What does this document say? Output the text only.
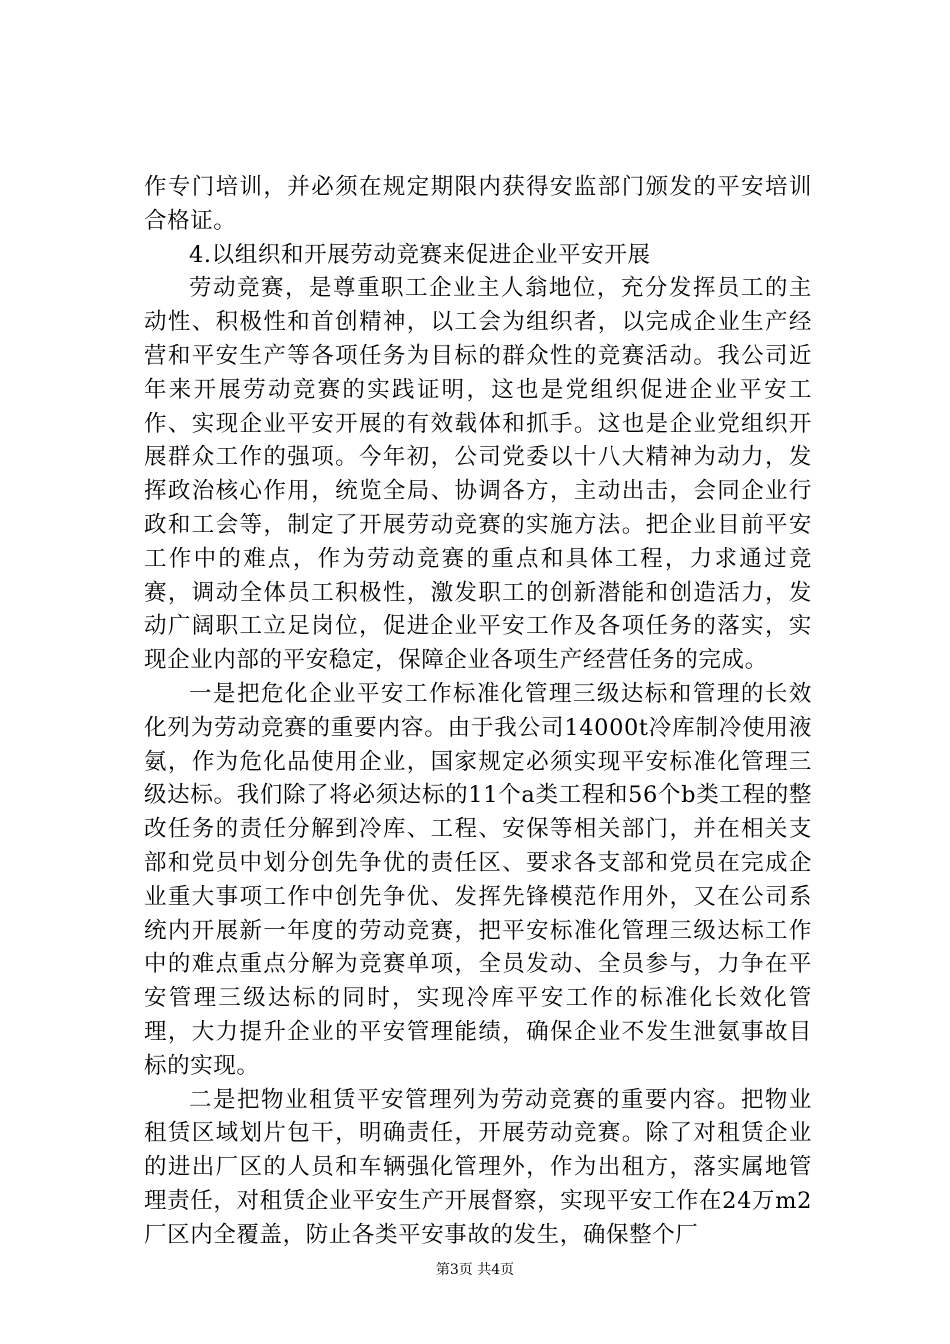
作专门培训，并必须在规定期限内获得安监部门颁发的平安培训合格证。

4.以组织和开展劳动竞赛来促进企业平安开展

劳动竞赛，是尊重职工企业主人翁地位，充分发挥员工的主动性、积极性和首创精神，以工会为组织者，以完成企业生产经营和平安生产等各项任务为目标的群众性的竞赛活动。我公司近年来开展劳动竞赛的实践证明，这也是党组织促进企业平安工作、实现企业平安开展的有效载体和抓手。这也是企业党组织开展群众工作的强项。今年初，公司党委以十八大精神为动力，发挥政治核心作用，统览全局、协调各方，主动出击，会同企业行政和工会等，制定了开展劳动竞赛的实施方法。把企业目前平安工作中的难点，作为劳动竞赛的重点和具体工程，力求通过竞赛，调动全体员工积极性，激发职工的创新潜能和创造活力，发动广阔职工立足岗位，促进企业平安工作及各项任务的落实，实现企业内部的平安稳定，保障企业各项生产经营任务的完成。

一是把危化企业平安工作标准化管理三级达标和管理的长效化列为劳动竞赛的重要内容。由于我公司14000t冷库制冷使用液氨，作为危化品使用企业，国家规定必须实现平安标准化管理三级达标。我们除了将必须达标的11个a类工程和56个b类工程的整改任务的责任分解到冷库、工程、安保等相关部门，并在相关支部和党员中划分创先争优的责任区、要求各支部和党员在完成企业重大事项工作中创先争优、发挥先锋模范作用外，又在公司系统内开展新一年度的劳动竞赛，把平安标准化管理三级达标工作中的难点重点分解为竞赛单项，全员发动、全员参与，力争在平安管理三级达标的同时，实现冷库平安工作的标准化长效化管理，大力提升企业的平安管理能绩，确保企业不发生泄氨事故目标的实现。

二是把物业租赁平安管理列为劳动竞赛的重要内容。把物业租赁区域划片包干，明确责任，开展劳动竞赛。除了对租赁企业的进出厂区的人员和车辆强化管理外，作为出租方，落实属地管理责任，对租赁企业平安生产开展督察，实现平安工作在24万m2厂区内全覆盖，防止各类平安事故的发生，确保整个厂

第3页 共4页
